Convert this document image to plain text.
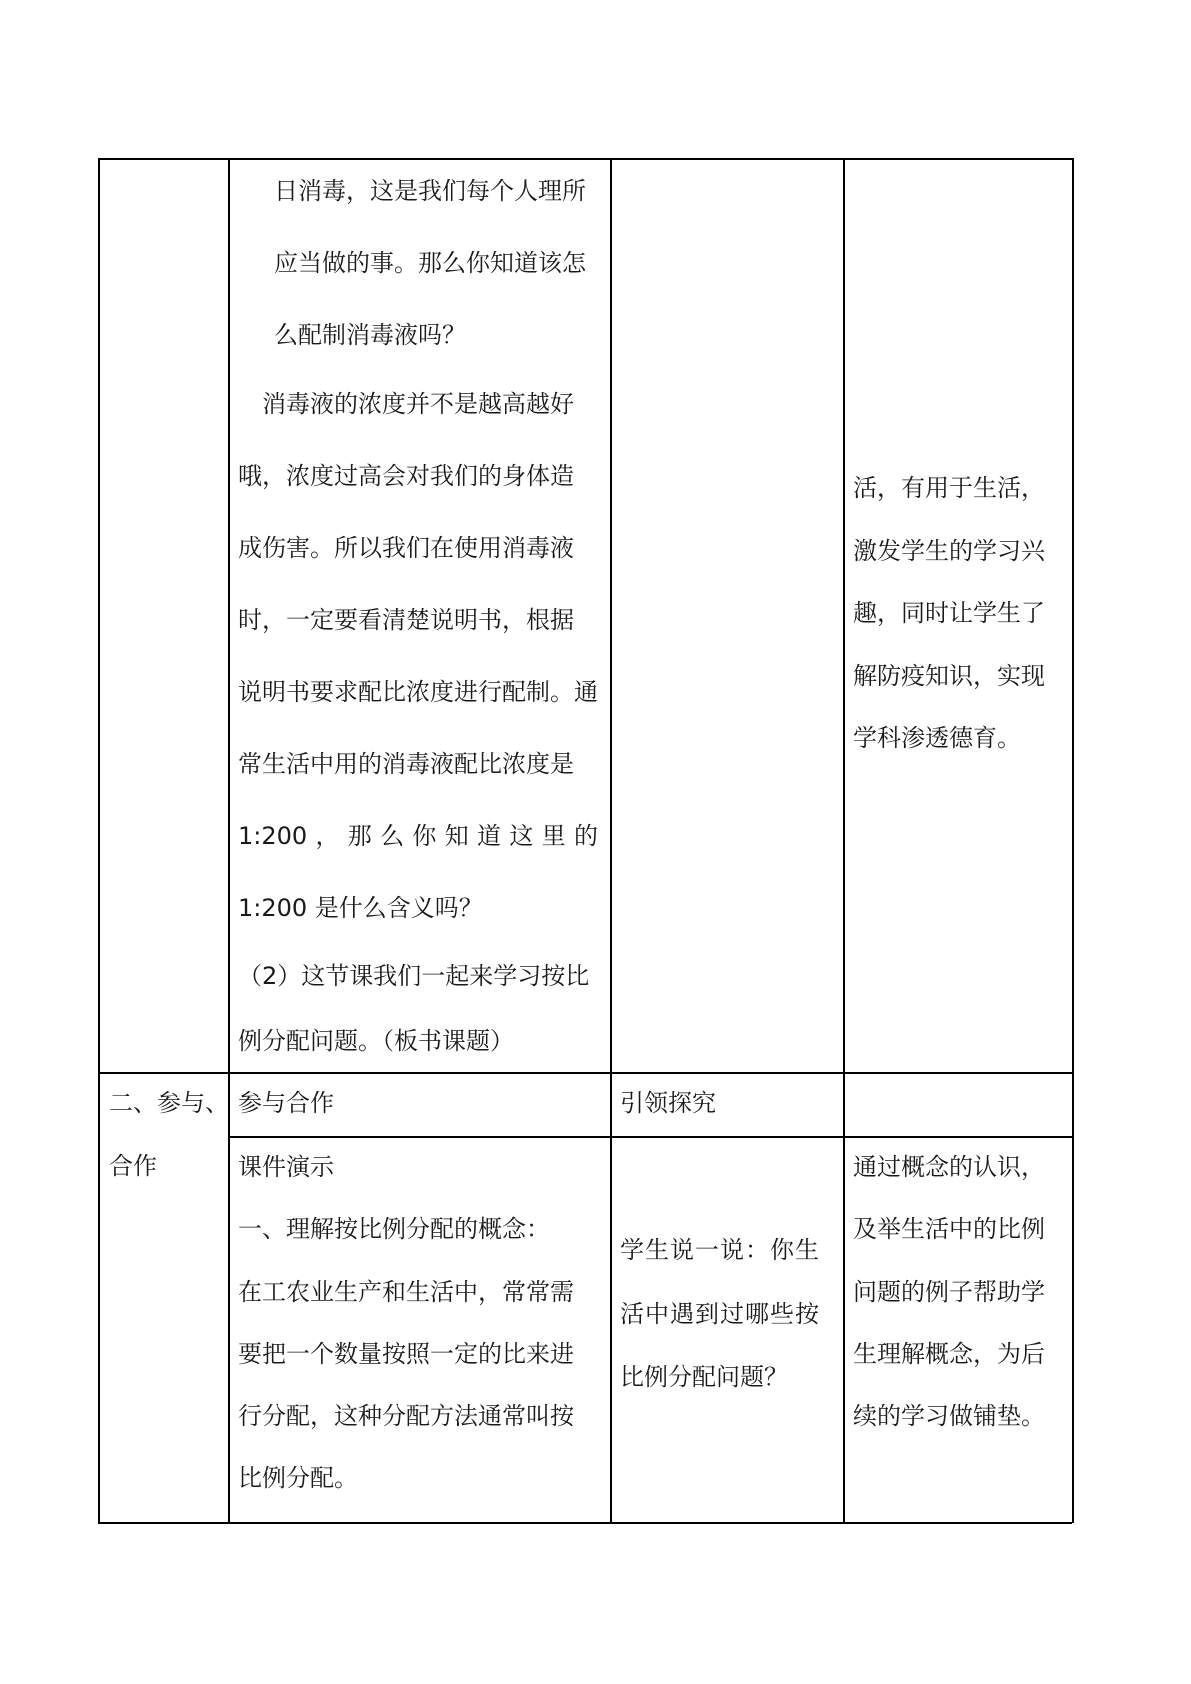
日消毒，这是我们每个人理所
应当做的事。那么你知道该怎
么配制消毒液吗？
消毒液的浓度并不是越高越好
哦，浓度过高会对我们的身体造
成伤害。所以我们在使用消毒液
时，一定要看清楚说明书，根据
说明书要求配比浓度进行配制。通
常生活中用的消毒液配比浓度是
1:200 ， 那 么 你 知 道 这 里 的
1:200 是什么含义吗？
（2）这节课我们一起来学习按比
例分配问题。（板书课题）
活，有用于生活，
激发学生的学习兴
趣，同时让学生了
解防疫知识，实现
学科渗透德育。
二、参与、
合作
参与合作	引领探究
课件演示
一、理解按比例分配的概念：
在工农业生产和生活中，常常需
要把一个数量按照一定的比来进
行分配，这种分配方法通常叫按
比例分配。
学生说一说：你生
活中遇到过哪些按
比例分配问题？
通过概念的认识，
及举生活中的比例
问题的例子帮助学
生理解概念，为后
续的学习做铺垫。
